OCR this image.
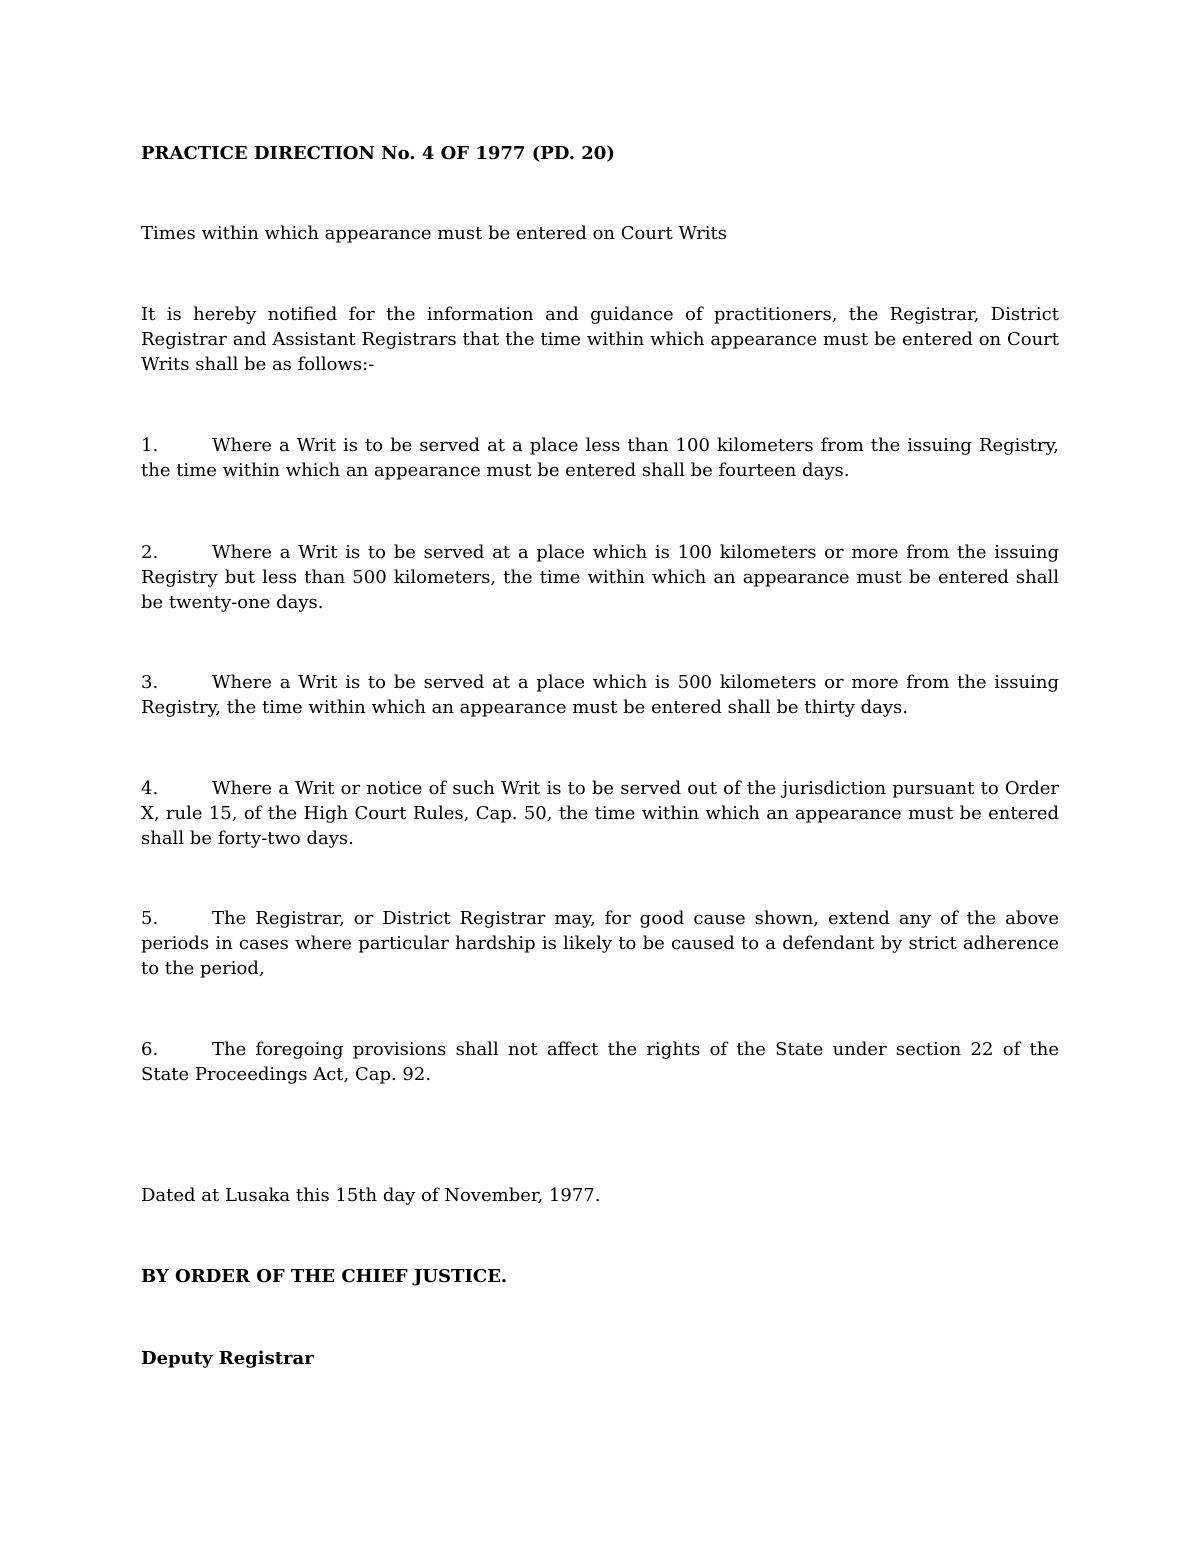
PRACTICE DIRECTION No. 4 OF 1977 (PD. 20)

Times within which appearance must be entered on Court Writs

It is hereby notified for the information and guidance of practitioners, the Registrar, District Registrar and Assistant Registrars that the time within which appearance must be entered on Court Writs shall be as follows:-

1.	Where a Writ is to be served at a place less than 100 kilometers from the issuing Registry, the time within which an appearance must be entered shall be fourteen days.

2.	Where a Writ is to be served at a place which is 100 kilometers or more from the issuing Registry but less than 500 kilometers, the time within which an appearance must be entered shall be twenty-one days.

3.	Where a Writ is to be served at a place which is 500 kilometers or more from the issuing Registry, the time within which an appearance must be entered shall be thirty days.

4.	Where a Writ or notice of such Writ is to be served out of the jurisdiction pursuant to Order X, rule 15, of the High Court Rules, Cap. 50, the time within which an appearance must be entered shall be forty-two days.

5.	The Registrar, or District Registrar may, for good cause shown, extend any of the above periods in cases where particular hardship is likely to be caused to a defendant by strict adherence to the period,

6.	The foregoing provisions shall not affect the rights of the State under section 22 of the State Proceedings Act, Cap. 92.

Dated at Lusaka this 15th day of November, 1977.

BY ORDER OF THE CHIEF JUSTICE.

Deputy Registrar
